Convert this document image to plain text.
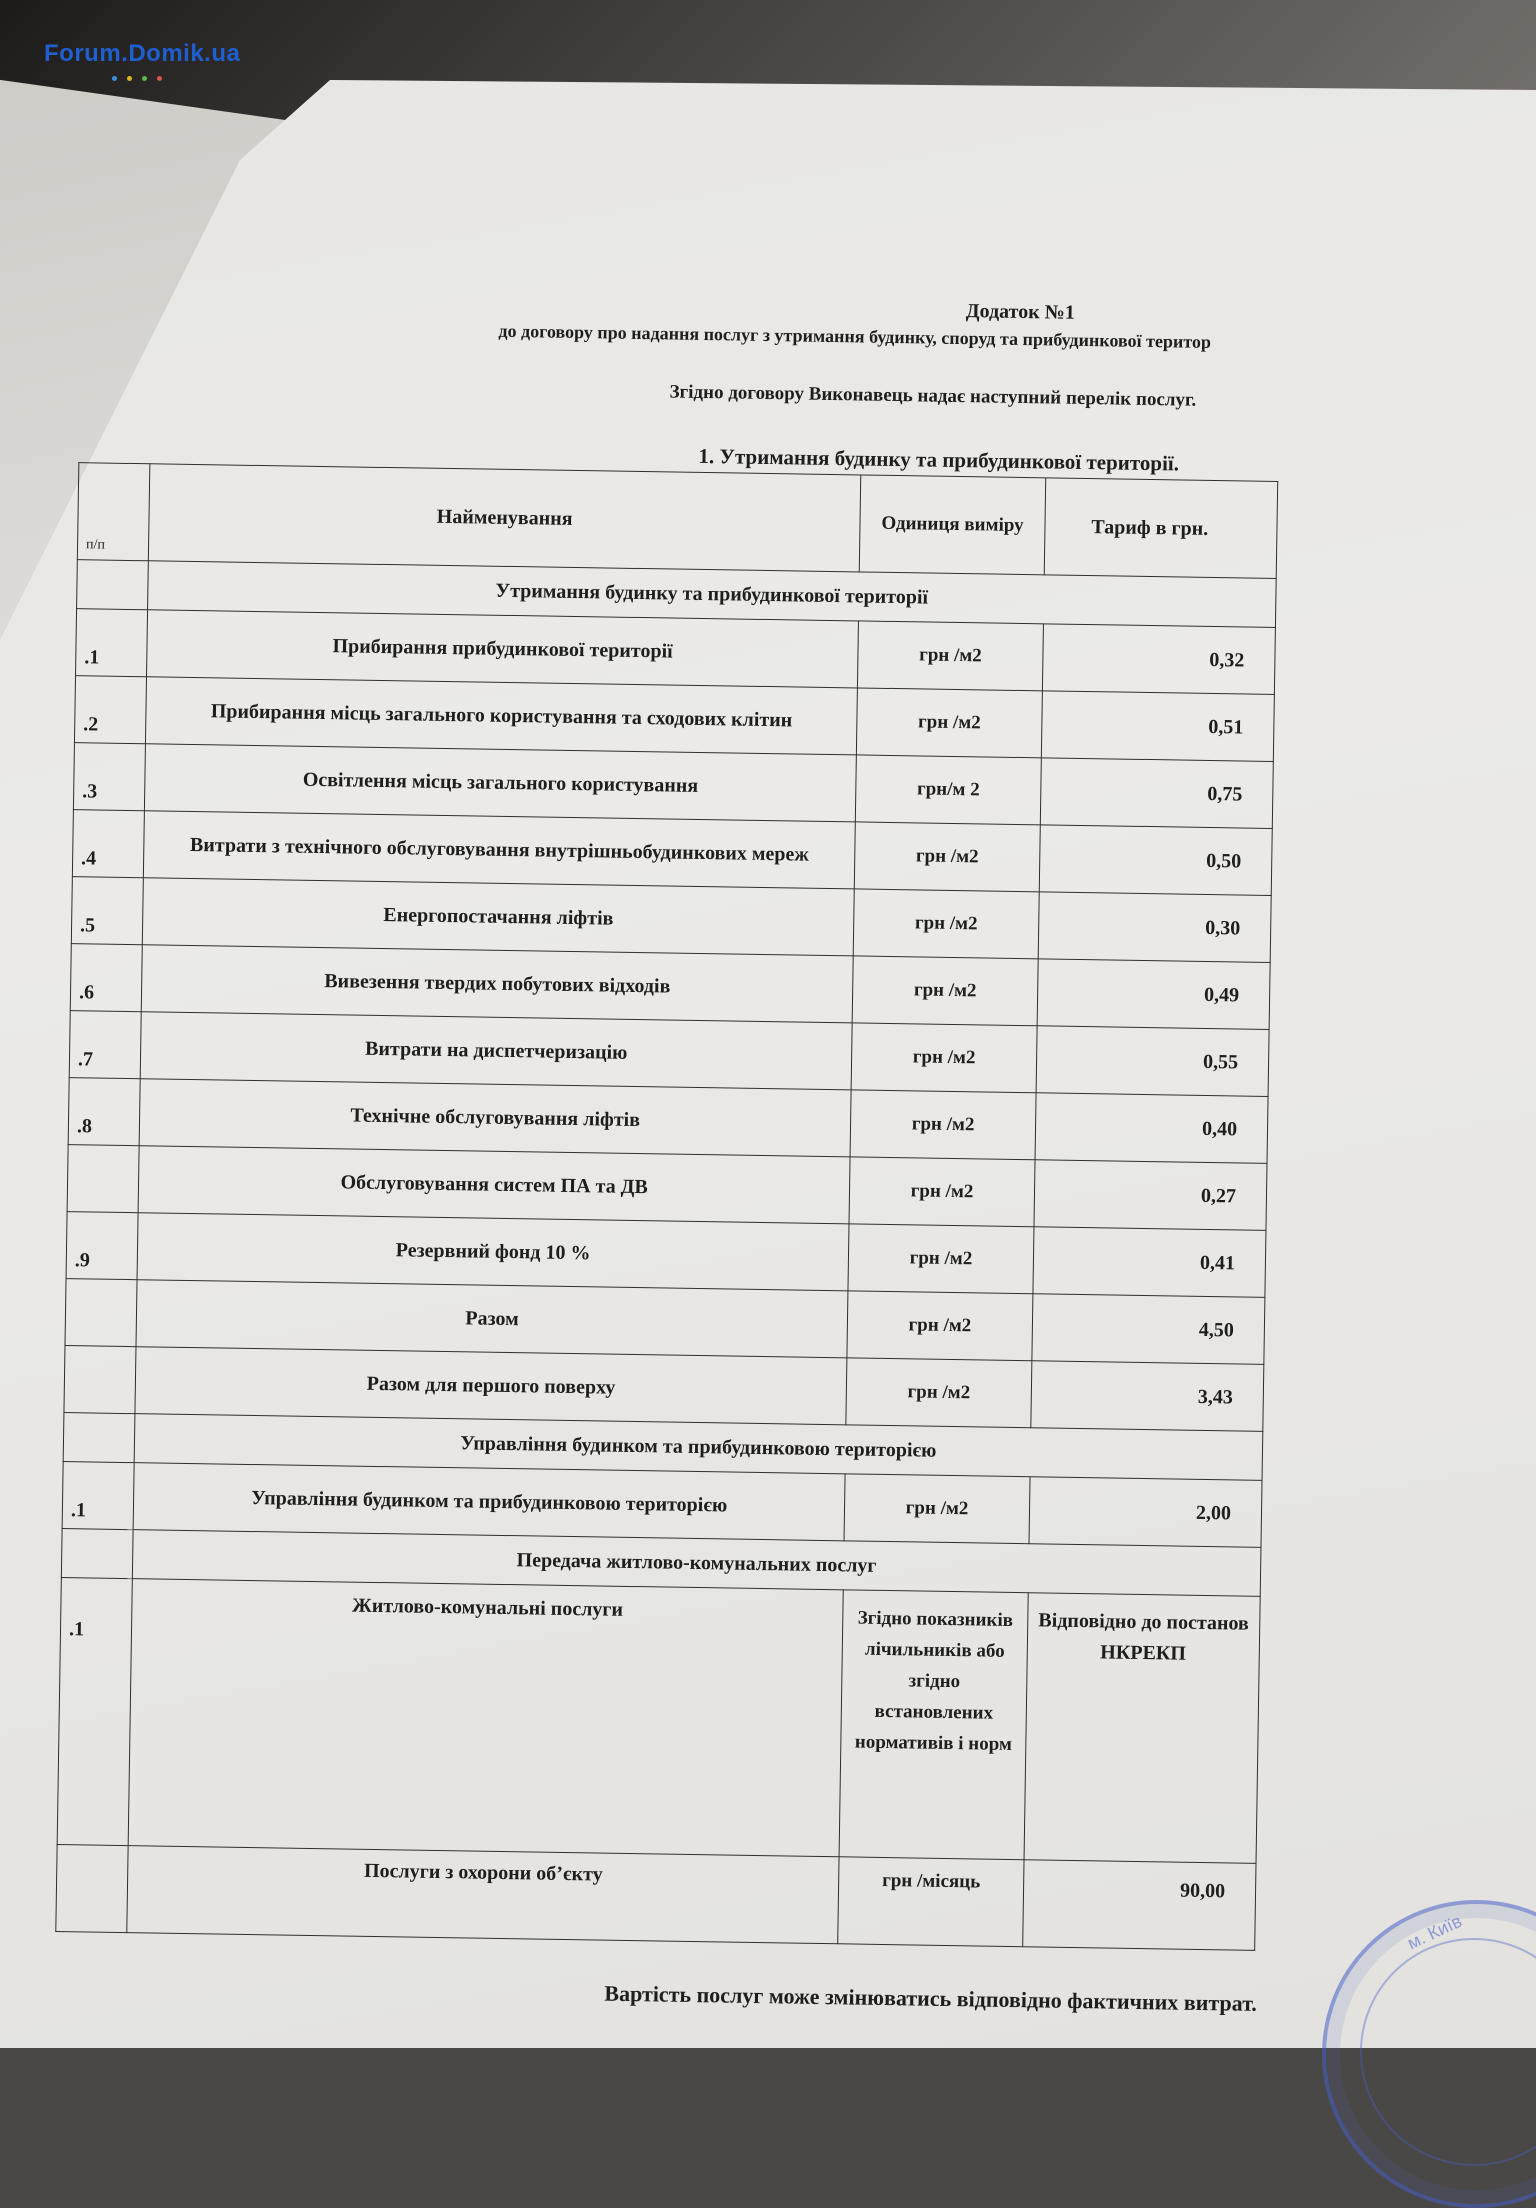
Forum.Domik.ua
Додаток №1
до договору про надання послуг з утримання будинку, споруд та прибудинкової територ
Згідно договору Виконавець надає наступний перелік послуг.
1. Утримання будинку та прибудинкової території.
п/п	Найменування	Одиниця виміру	Тариф в грн.
	Утримання будинку та прибудинкової території		
.1	Прибирання прибудинкової території	грн /м2	0,32
.2	Прибирання місць загального користування та сходових клітин	грн /м2	0,51
.3	Освітлення місць загального користування	грн/м 2	0,75
.4	Витрати з технічного обслуговування внутрішньобудинкових мереж	грн /м2	0,50
.5	Енергопостачання ліфтів	грн /м2	0,30
.6	Вивезення твердих побутових відходів	грн /м2	0,49
.7	Витрати на диспетчеризацію	грн /м2	0,55
.8	Технічне обслуговування ліфтів	грн /м2	0,40
	Обслуговування систем ПА та ДВ	грн /м2	0,27
.9	Резервний фонд 10 %	грн /м2	0,41
	Разом	грн /м2	4,50
	Разом для першого поверху	грн /м2	3,43
	Управління будинком та прибудинковою територією		
.1	Управління будинком та прибудинковою територією	грн /м2	2,00
	Передача житлово-комунальних послуг		
.1	Житлово-комунальні послуги	Згідно показників лічильників або згідно встановлених нормативів і норм	Відповідно до постанов НКРЕКП
	Послуги з охорони об’єкту	грн /місяць	90,00
Вартість послуг може змінюватись відповідно фактичних витрат.
м. Київ
